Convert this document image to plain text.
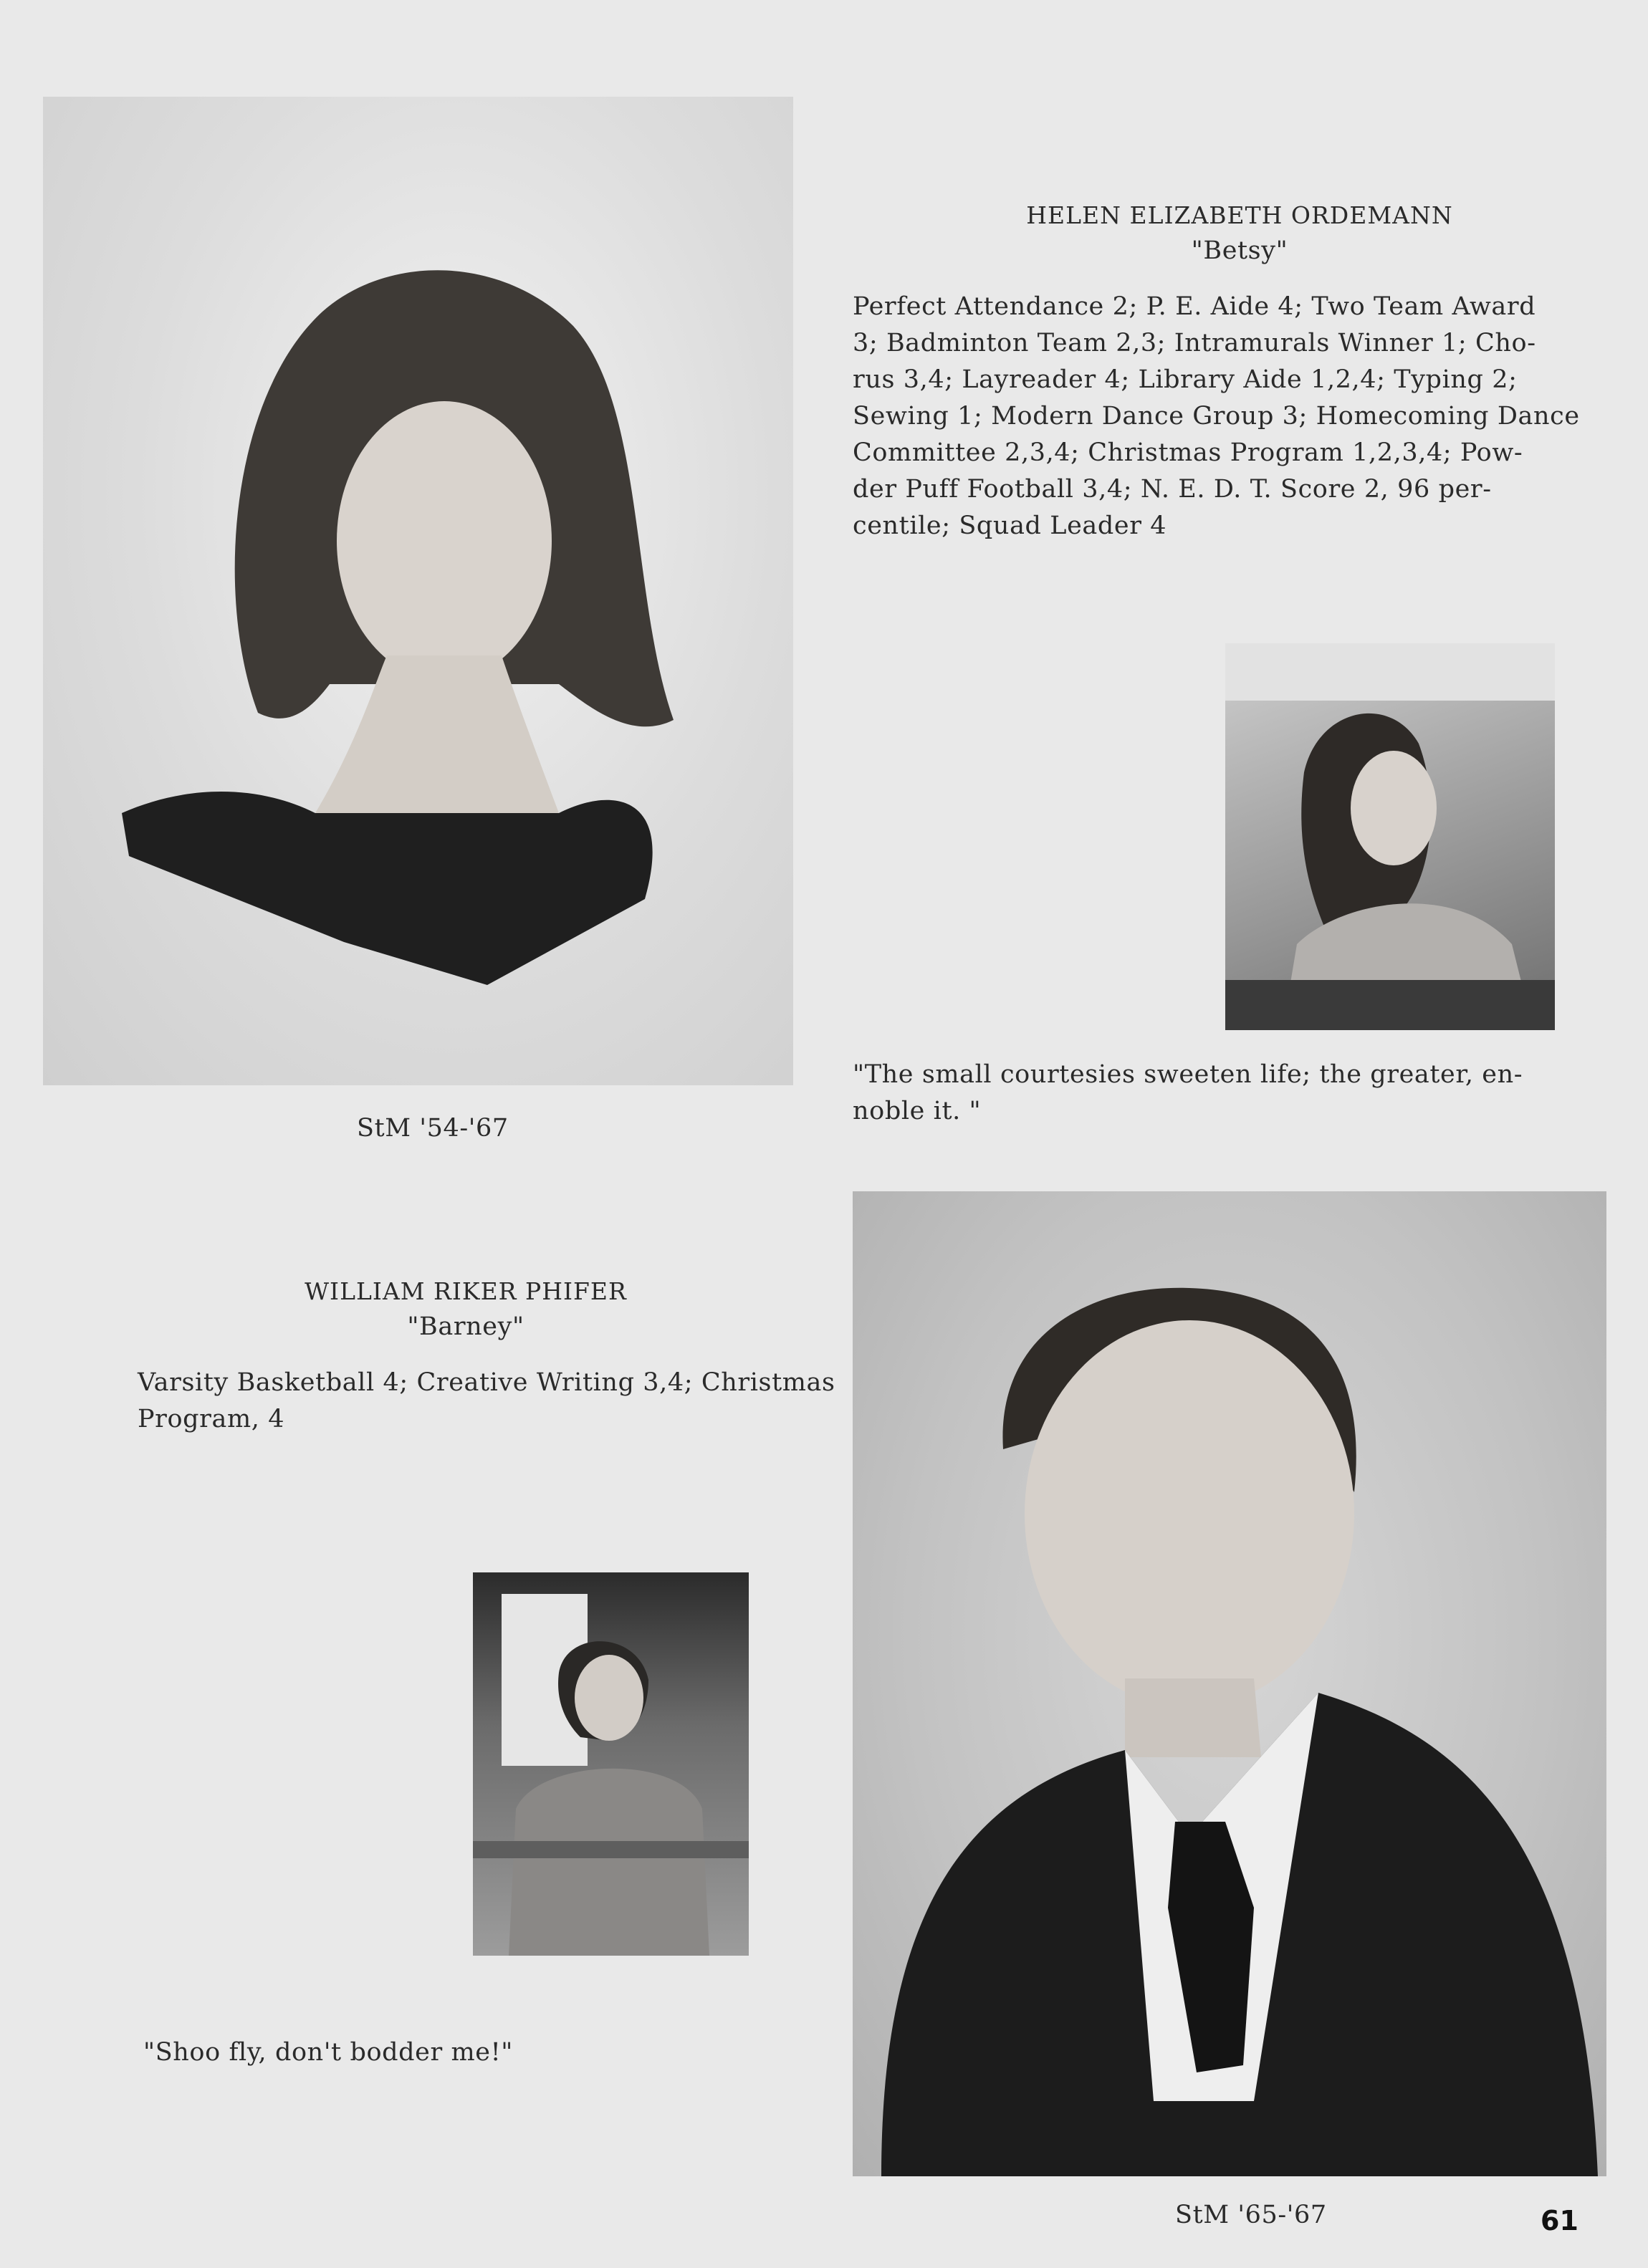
HELEN ELIZABETH ORDEMANN
"Betsy"
Perfect Attendance 2; P. E. Aide 4; Two Team Award
3; Badminton Team 2,3; Intramurals Winner 1; Cho-
rus 3,4; Layreader 4; Library Aide 1,2,4; Typing 2;
Sewing 1; Modern Dance Group 3; Homecoming Dance
Committee 2,3,4; Christmas Program 1,2,3,4; Pow-
der Puff Football 3,4; N. E. D. T. Score 2, 96 per-
centile; Squad Leader 4
"The small courtesies sweeten life; the greater, en-
noble it. "
StM '54-'67
WILLIAM RIKER PHIFER
"Barney"
Varsity Basketball 4; Creative Writing 3,4; Christmas
Program, 4
"Shoo fly, don't bodder me!"
StM '65-'67	61
